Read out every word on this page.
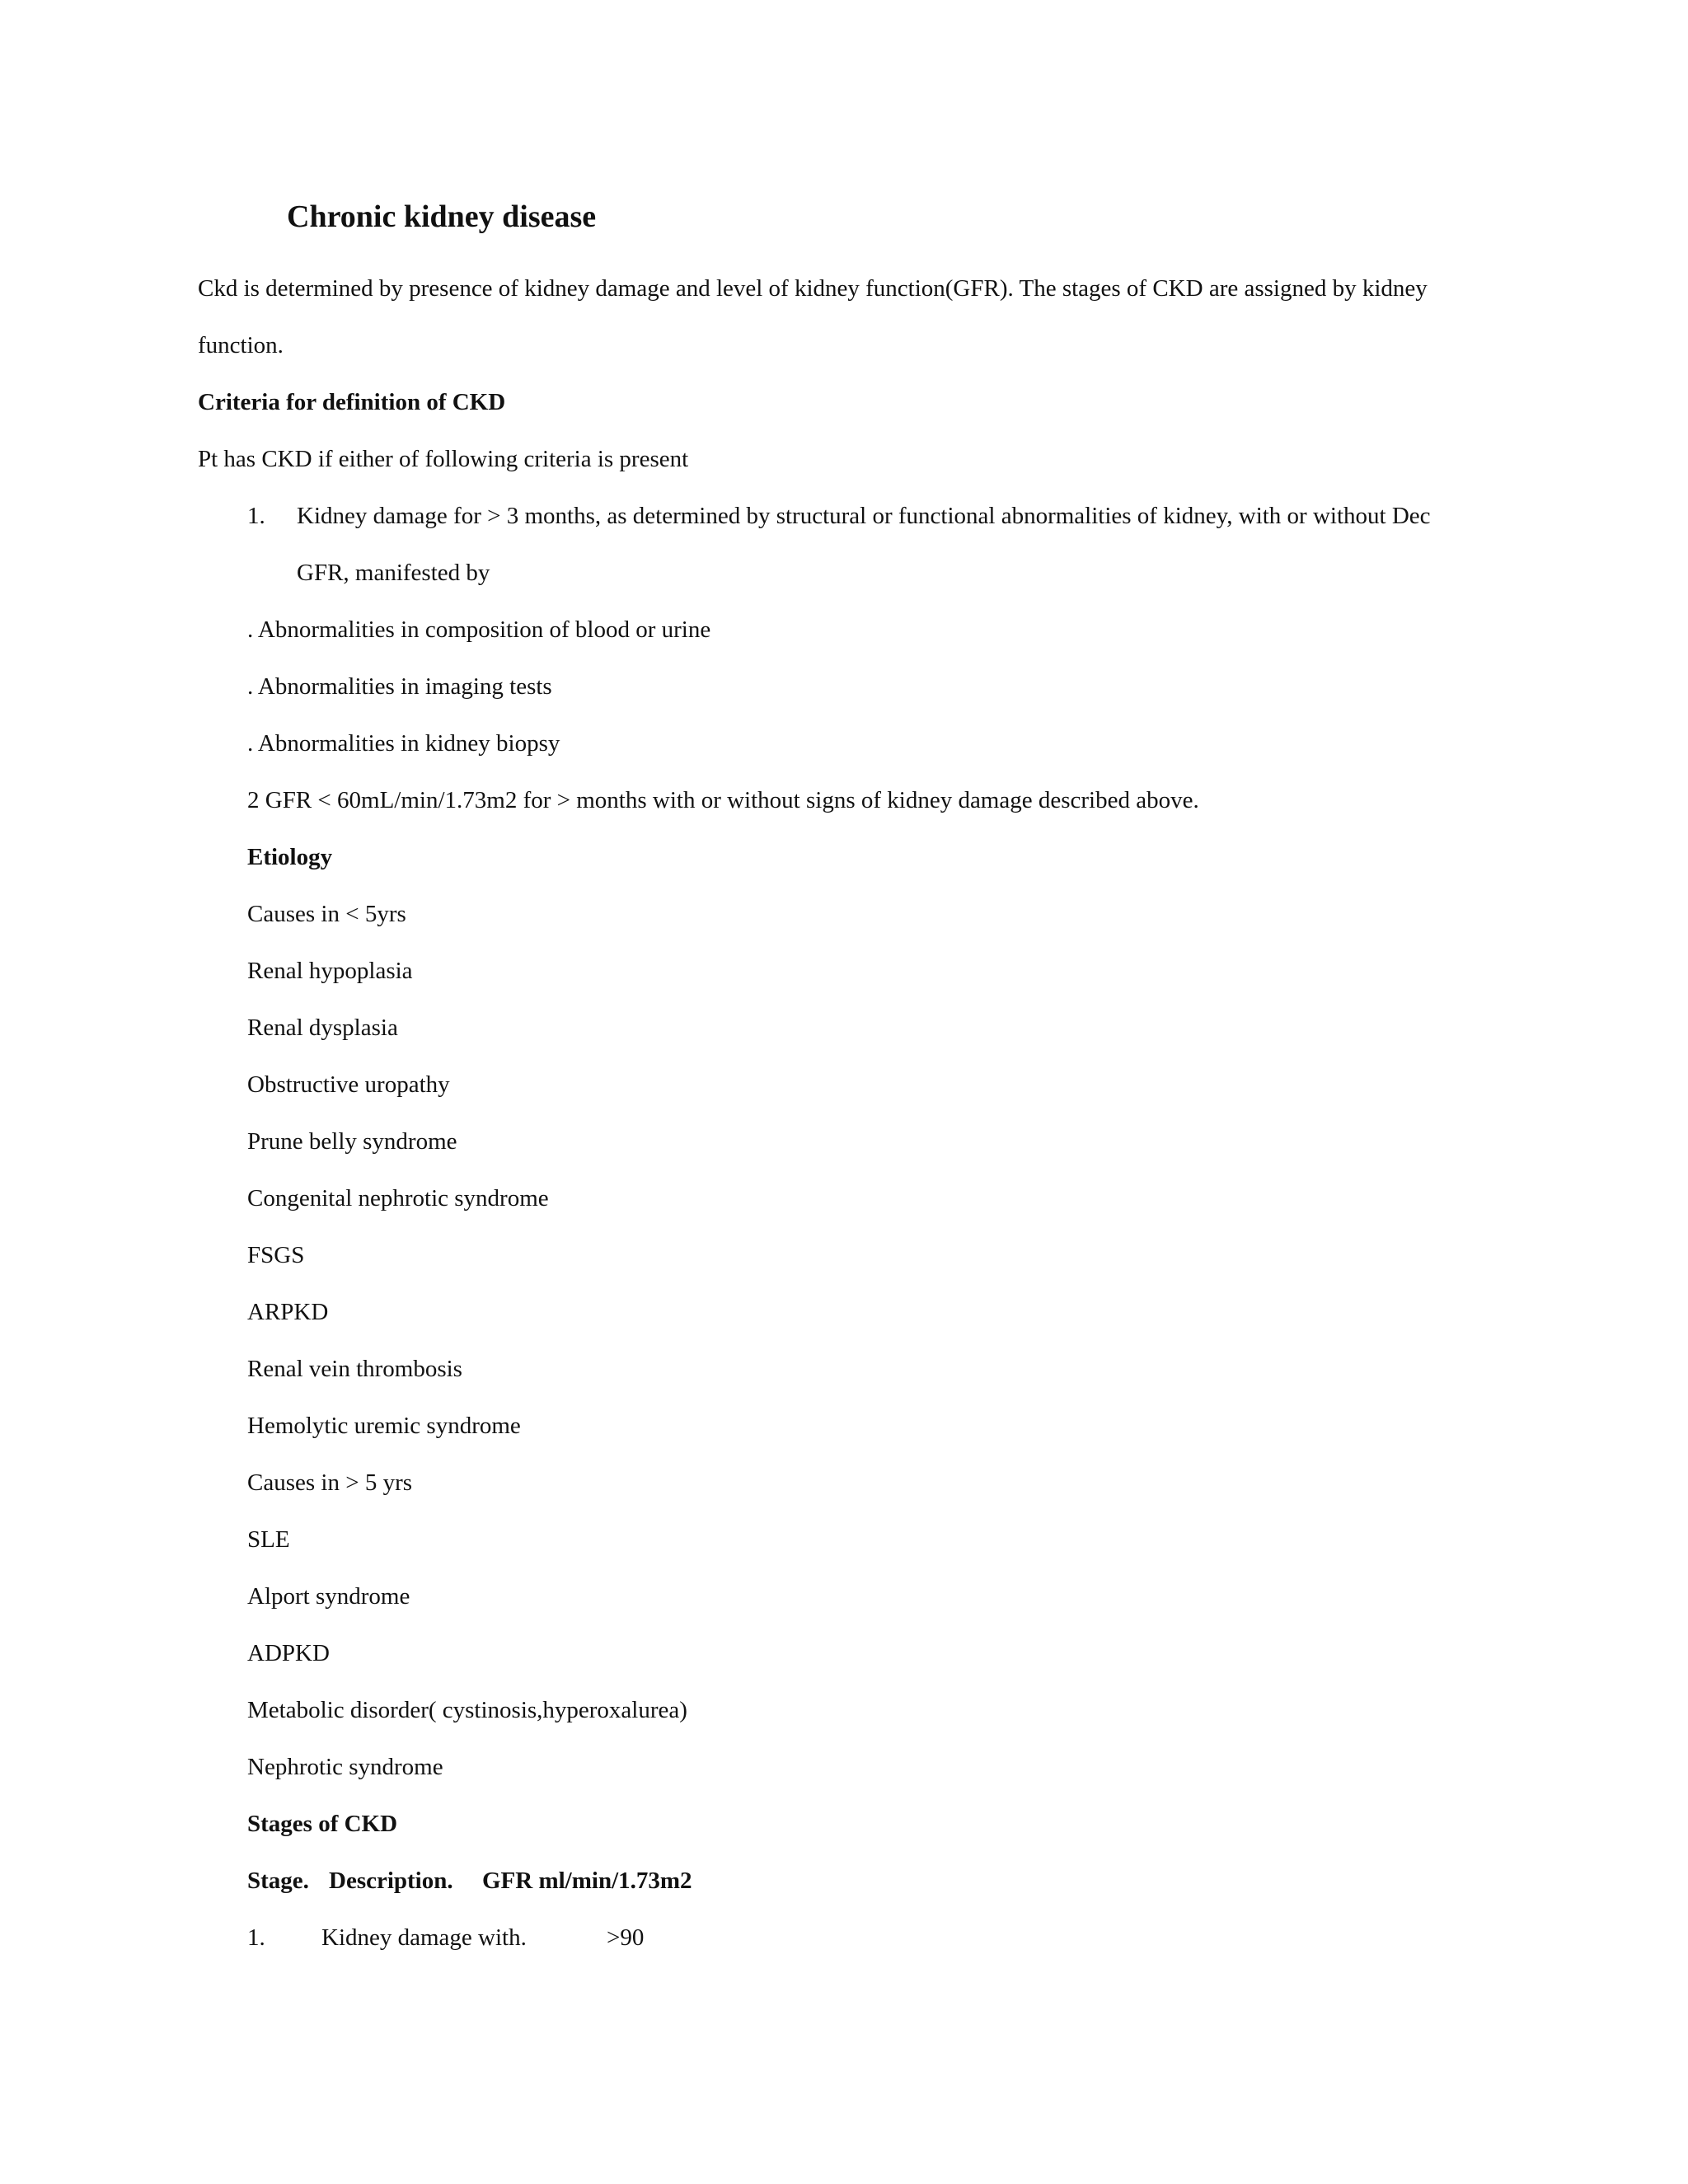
Chronic kidney disease
Ckd is determined by presence of kidney damage and level of kidney function(GFR). The stages of CKD are assigned by kidney
function.
Criteria for definition of CKD
Pt has CKD if either of following criteria is present
1. Kidney damage for > 3 months, as determined by structural or functional abnormalities of kidney, with or without Dec
GFR, manifested by
. Abnormalities in composition of blood or urine
. Abnormalities in imaging tests
. Abnormalities in kidney biopsy
2 GFR < 60mL/min/1.73m2 for > months with or without signs of kidney damage described above.
Etiology
Causes in < 5yrs
Renal hypoplasia
Renal dysplasia
Obstructive uropathy
Prune belly syndrome
Congenital nephrotic syndrome
FSGS
ARPKD
Renal vein thrombosis
Hemolytic uremic syndrome
Causes in > 5 yrs
SLE
Alport syndrome
ADPKD
Metabolic disorder( cystinosis,hyperoxalurea)
Nephrotic syndrome
Stages of CKD
Stage. Description. GFR ml/min/1.73m2
1. Kidney damage with.	>90
